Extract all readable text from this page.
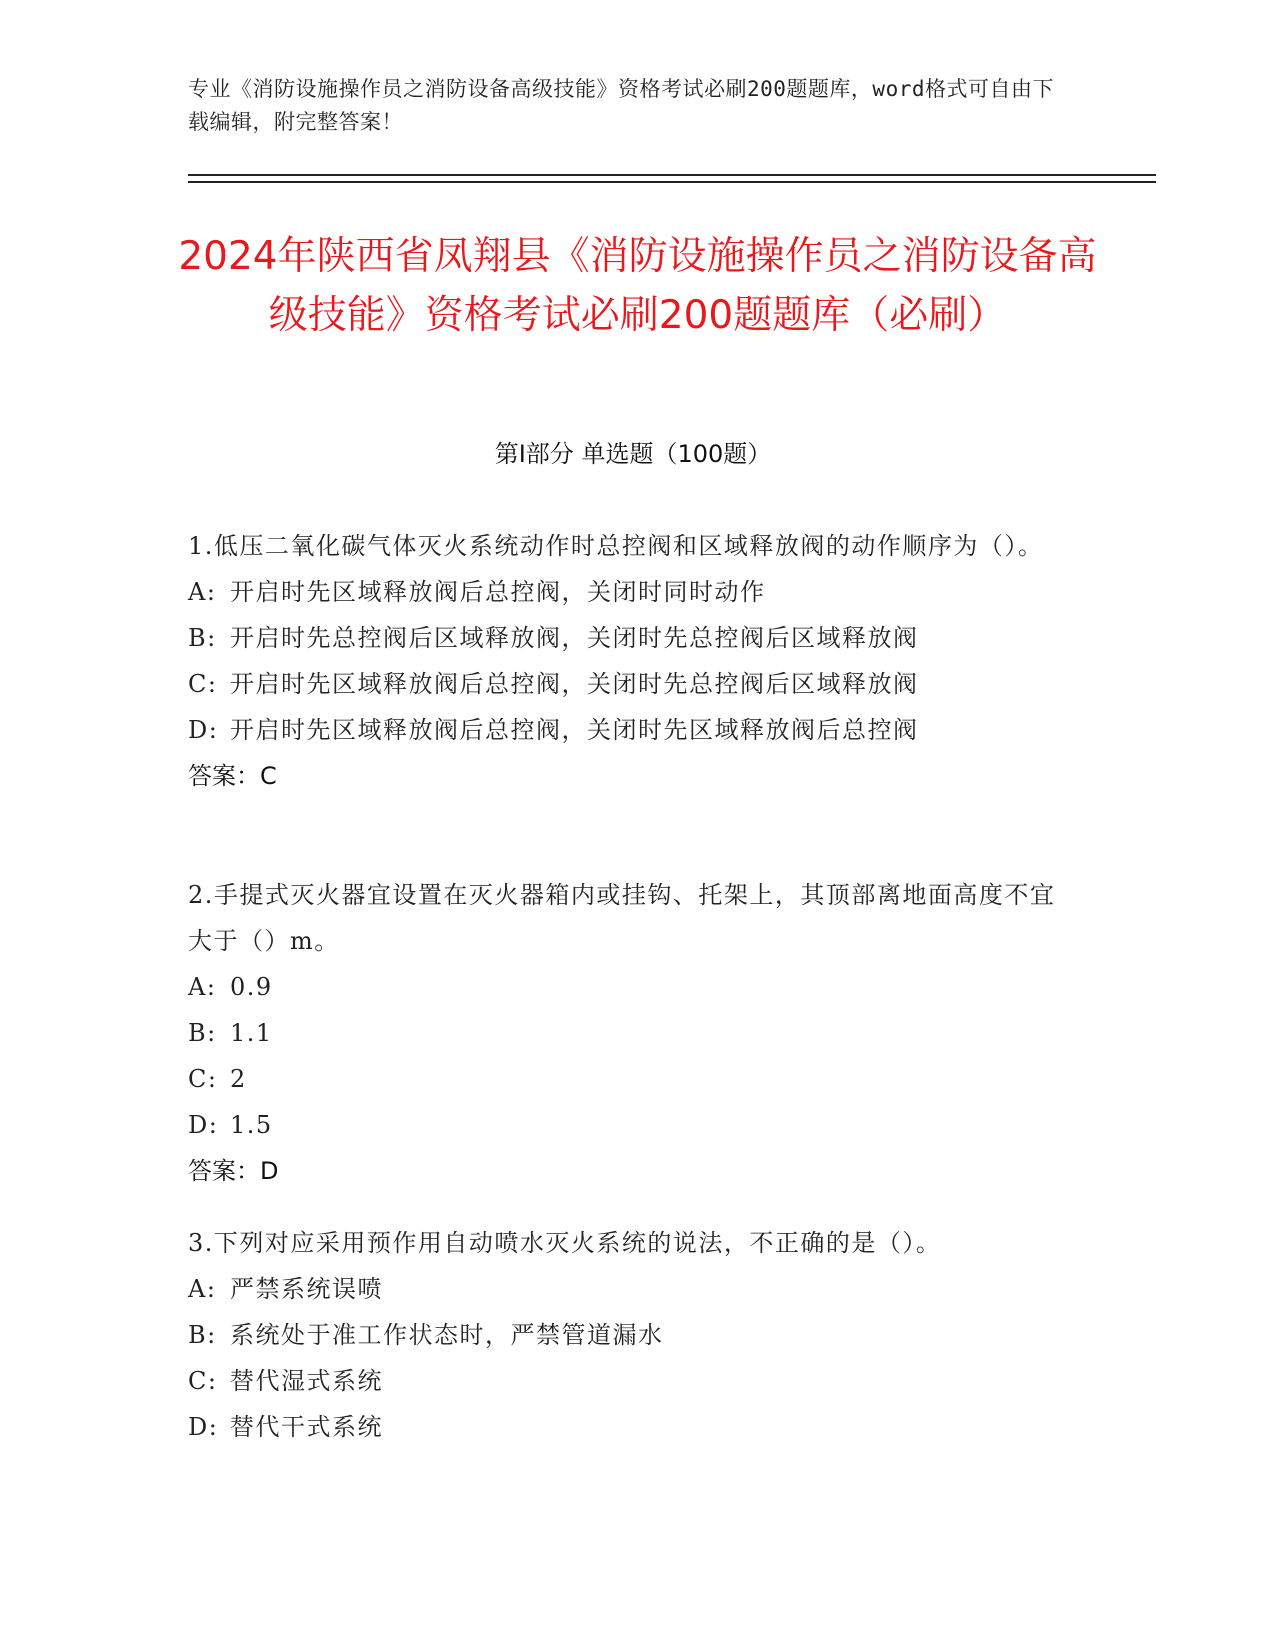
专业《消防设施操作员之消防设备高级技能》资格考试必刷200题题库，word格式可自由下载编辑，附完整答案！
2024年陕西省凤翔县《消防设施操作员之消防设备高级技能》资格考试必刷200题题库（必刷）
第I部分 单选题（100题）

1.低压二氧化碳气体灭火系统动作时总控阀和区域释放阀的动作顺序为（）。

A: 开启时先区域释放阀后总控阀，关闭时同时动作

B: 开启时先总控阀后区域释放阀，关闭时先总控阀后区域释放阀

C: 开启时先区域释放阀后总控阀，关闭时先总控阀后区域释放阀

D: 开启时先区域释放阀后总控阀，关闭时先区域释放阀后总控阀

答案：C

2.手提式灭火器宜设置在灭火器箱内或挂钩、托架上，其顶部离地面高度不宜大于（）m。

A: 0.9

B: 1.1

C: 2

D: 1.5

答案：D

3.下列对应采用预作用自动喷水灭火系统的说法，不正确的是（）。

A: 严禁系统误喷

B: 系统处于准工作状态时，严禁管道漏水

C: 替代湿式系统

D: 替代干式系统
